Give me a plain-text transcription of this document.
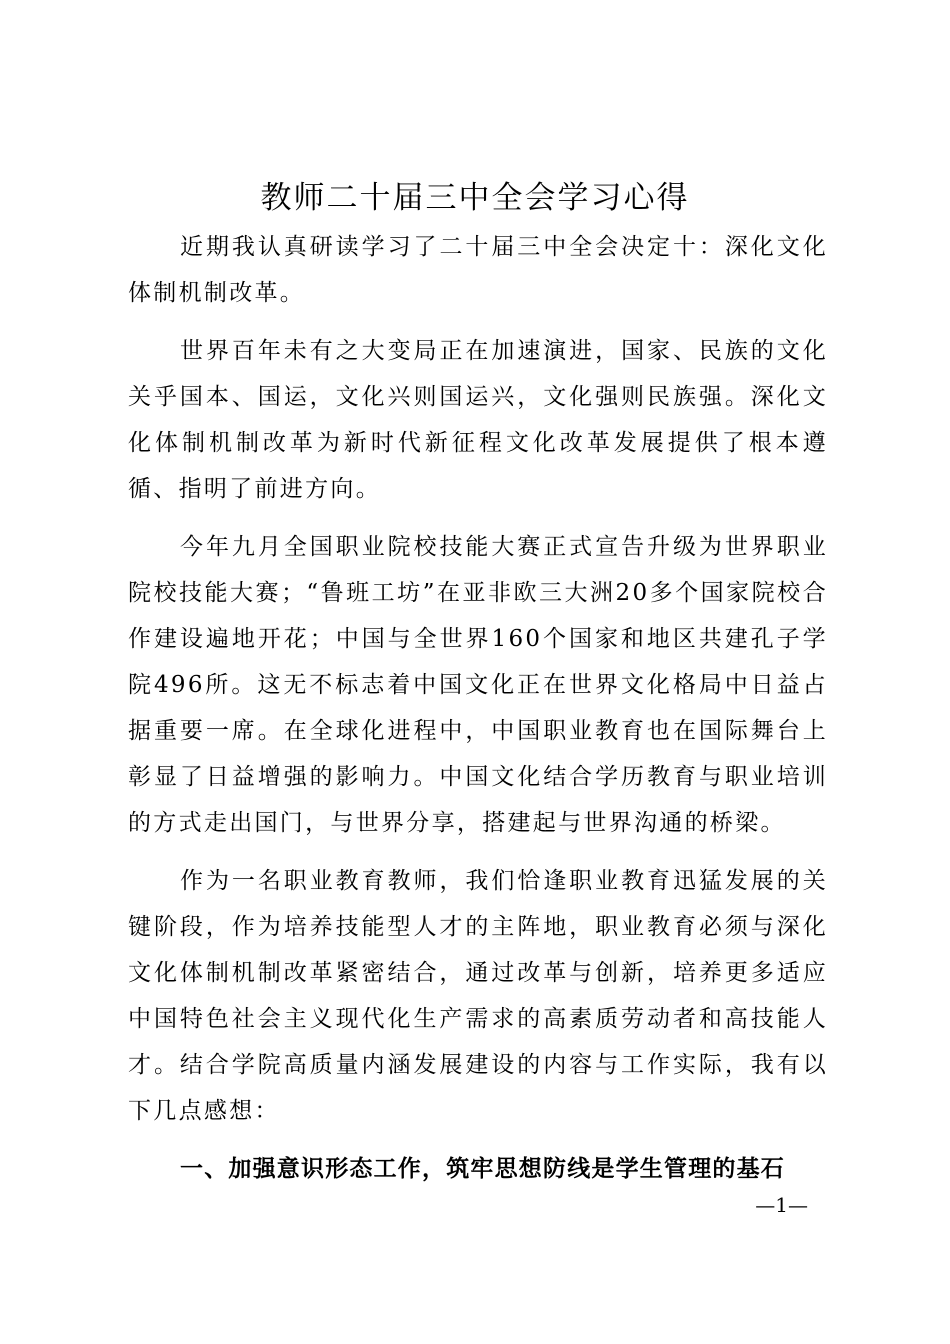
教师二十届三中全会学习心得

近期我认真研读学习了二十届三中全会决定十：深化文化体制机制改革。

世界百年未有之大变局正在加速演进，国家、民族的文化关乎国本、国运，文化兴则国运兴，文化强则民族强。深化文化体制机制改革为新时代新征程文化改革发展提供了根本遵循、指明了前进方向。

今年九月全国职业院校技能大赛正式宣告升级为世界职业院校技能大赛；“鲁班工坊”在亚非欧三大洲20多个国家院校合作建设遍地开花；中国与全世界160个国家和地区共建孔子学院496所。这无不标志着中国文化正在世界文化格局中日益占据重要一席。在全球化进程中，中国职业教育也在国际舞台上彰显了日益增强的影响力。中国文化结合学历教育与职业培训的方式走出国门，与世界分享，搭建起与世界沟通的桥梁。

作为一名职业教育教师，我们恰逢职业教育迅猛发展的关键阶段，作为培养技能型人才的主阵地，职业教育必须与深化文化体制机制改革紧密结合，通过改革与创新，培养更多适应中国特色社会主义现代化生产需求的高素质劳动者和高技能人才。结合学院高质量内涵发展建设的内容与工作实际，我有以下几点感想：

一、加强意识形态工作，筑牢思想防线是学生管理的基石

—1—
